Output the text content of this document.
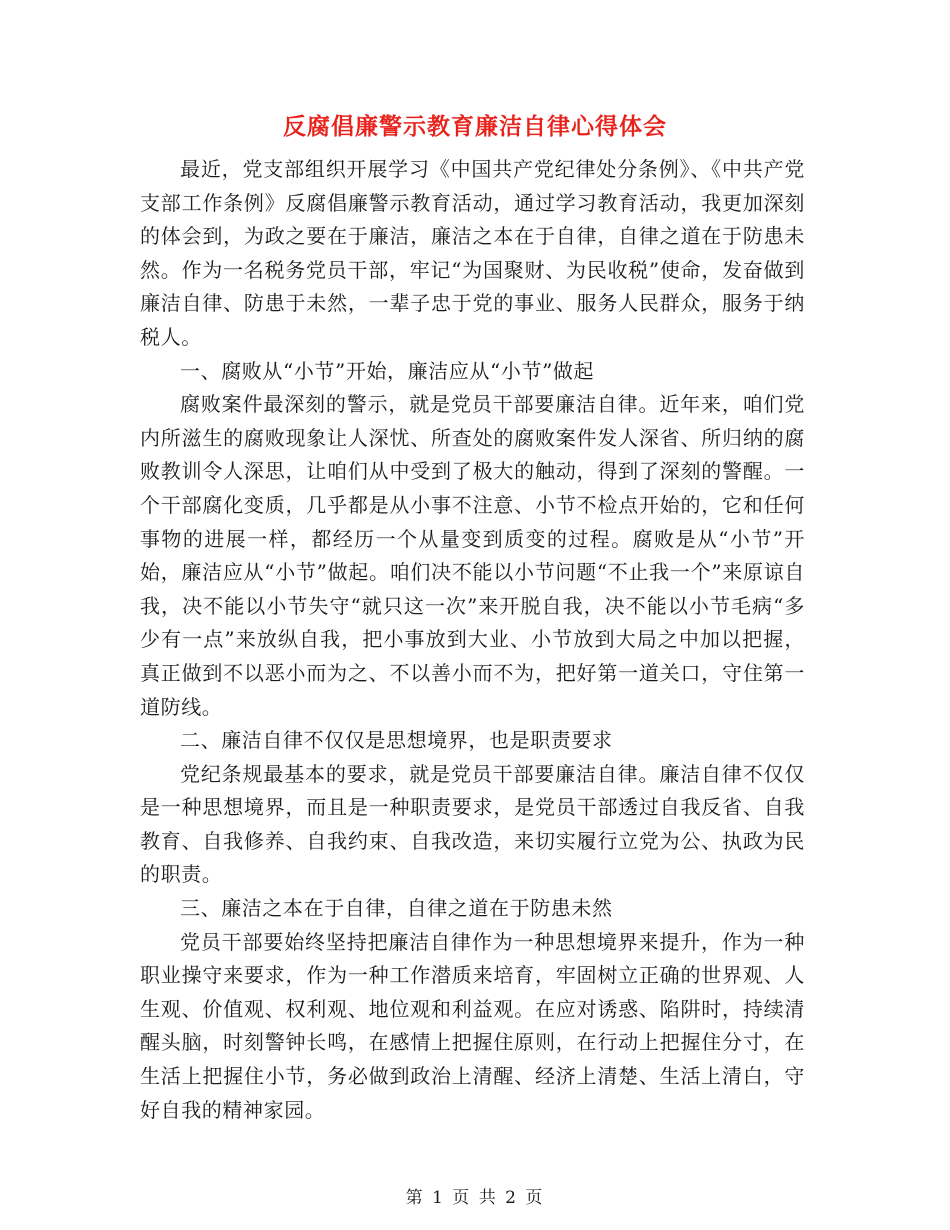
反腐倡廉警示教育廉洁自律心得体会

最近，党支部组织开展学习《中国共产党纪律处分条例》、《中共产党支部工作条例》反腐倡廉警示教育活动，通过学习教育活动，我更加深刻的体会到，为政之要在于廉洁，廉洁之本在于自律，自律之道在于防患未然。作为一名税务党员干部，牢记“为国聚财、为民收税”使命，发奋做到廉洁自律、防患于未然，一辈子忠于党的事业、服务人民群众，服务于纳税人。

一、腐败从“小节”开始，廉洁应从“小节”做起

腐败案件最深刻的警示，就是党员干部要廉洁自律。近年来，咱们党内所滋生的腐败现象让人深忧、所查处的腐败案件发人深省、所归纳的腐败教训令人深思，让咱们从中受到了极大的触动，得到了深刻的警醒。一个干部腐化变质，几乎都是从小事不注意、小节不检点开始的，它和任何事物的进展一样，都经历一个从量变到质变的过程。腐败是从“小节”开始，廉洁应从“小节”做起。咱们决不能以小节问题“不止我一个”来原谅自我，决不能以小节失守“就只这一次”来开脱自我，决不能以小节毛病“多少有一点”来放纵自我，把小事放到大业、小节放到大局之中加以把握，真正做到不以恶小而为之、不以善小而不为，把好第一道关口，守住第一道防线。

二、廉洁自律不仅仅是思想境界，也是职责要求

党纪条规最基本的要求，就是党员干部要廉洁自律。廉洁自律不仅仅是一种思想境界，而且是一种职责要求，是党员干部透过自我反省、自我教育、自我修养、自我约束、自我改造，来切实履行立党为公、执政为民的职责。

三、廉洁之本在于自律，自律之道在于防患未然

党员干部要始终坚持把廉洁自律作为一种思想境界来提升，作为一种职业操守来要求，作为一种工作潜质来培育，牢固树立正确的世界观、人生观、价值观、权利观、地位观和利益观。在应对诱惑、陷阱时，持续清醒头脑，时刻警钟长鸣，在感情上把握住原则，在行动上把握住分寸，在生活上把握住小节，务必做到政治上清醒、经济上清楚、生活上清白，守好自我的精神家园。

第 1 页 共 2 页
